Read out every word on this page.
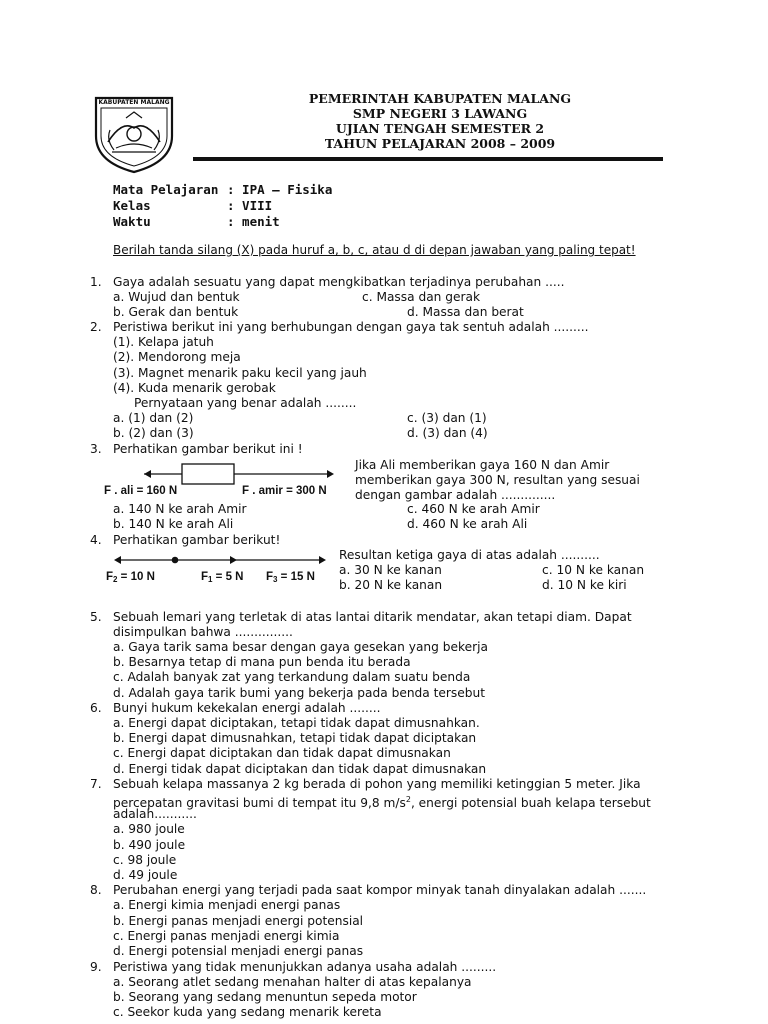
KABUPATEN MALANG	PEMERINTAH KABUPATEN MALANG
SMP NEGERI 3 LAWANG
UJIAN TENGAH SEMESTER 2
TAHUN PELAJARAN 2008 – 2009
Mata Pelajaran : IPA – Fisika
Kelas	: VIII
Waktu	: menit
Berilah tanda silang (X) pada huruf a, b, c, atau d di depan jawaban yang paling tepat!
1. Gaya adalah sesuatu yang dapat mengkibatkan terjadinya perubahan .....
a. Wujud dan bentuk	c. Massa dan gerak
b. Gerak dan bentuk	d. Massa dan berat
2. Peristiwa berikut ini yang berhubungan dengan gaya tak sentuh adalah .........
(1). Kelapa jatuh
(2). Mendorong meja
(3). Magnet menarik paku kecil yang jauh
(4). Kuda menarik gerobak
Pernyataan yang benar adalah ........
a. (1) dan (2)	c. (3) dan (1)
b. (2) dan (3)	d. (3) dan (4)
3. Perhatikan gambar berikut ini !
F . ali = 160 N	F . amir = 300 N
Jika Ali memberikan gaya 160 N dan Amir
memberikan gaya 300 N, resultan yang sesuai
dengan gambar adalah ..............
a. 140 N ke arah Amir	c. 460 N ke arah Amir
b. 140 N ke arah Ali	d. 460 N ke arah Ali
4. Perhatikan gambar berikut!
$F_2 = 10$ N	$F_1 = 5$ N $F_3 = 15$ N
Resultan ketiga gaya di atas adalah ..........
a. 30 N ke kanan	c. 10 N ke kanan
b. 20 N ke kanan	d. 10 N ke kiri
5. Sebuah lemari yang terletak di atas lantai ditarik mendatar, akan tetapi diam. Dapat
disimpulkan bahwa ...............
a. Gaya tarik sama besar dengan gaya gesekan yang bekerja
b. Besarnya tetap di mana pun benda itu berada
c. Adalah banyak zat yang terkandung dalam suatu benda
d. Adalah gaya tarik bumi yang bekerja pada benda tersebut
6. Bunyi hukum kekekalan energi adalah ........
a. Energi dapat diciptakan, tetapi tidak dapat dimusnahkan.
b. Energi dapat dimusnahkan, tetapi tidak dapat diciptakan
c. Energi dapat diciptakan dan tidak dapat dimusnakan
d. Energi tidak dapat diciptakan dan tidak dapat dimusnakan
7. Sebuah kelapa massanya 2 kg berada di pohon yang memiliki ketinggian 5 meter. Jika
percepatan gravitasi bumi di tempat itu 9,8 $m/s^2$, energi potensial buah kelapa tersebut
adalah...........
a. 980 joule
b. 490 joule
c. 98 joule
d. 49 joule
8. Perubahan energi yang terjadi pada saat kompor minyak tanah dinyalakan adalah .......
a. Energi kimia menjadi energi panas
b. Energi panas menjadi energi potensial
c. Energi panas menjadi energi kimia
d. Energi potensial menjadi energi panas
9. Peristiwa yang tidak menunjukkan adanya usaha adalah .........
a. Seorang atlet sedang menahan halter di atas kepalanya
b. Seorang yang sedang menuntun sepeda motor
c. Seekor kuda yang sedang menarik kereta
